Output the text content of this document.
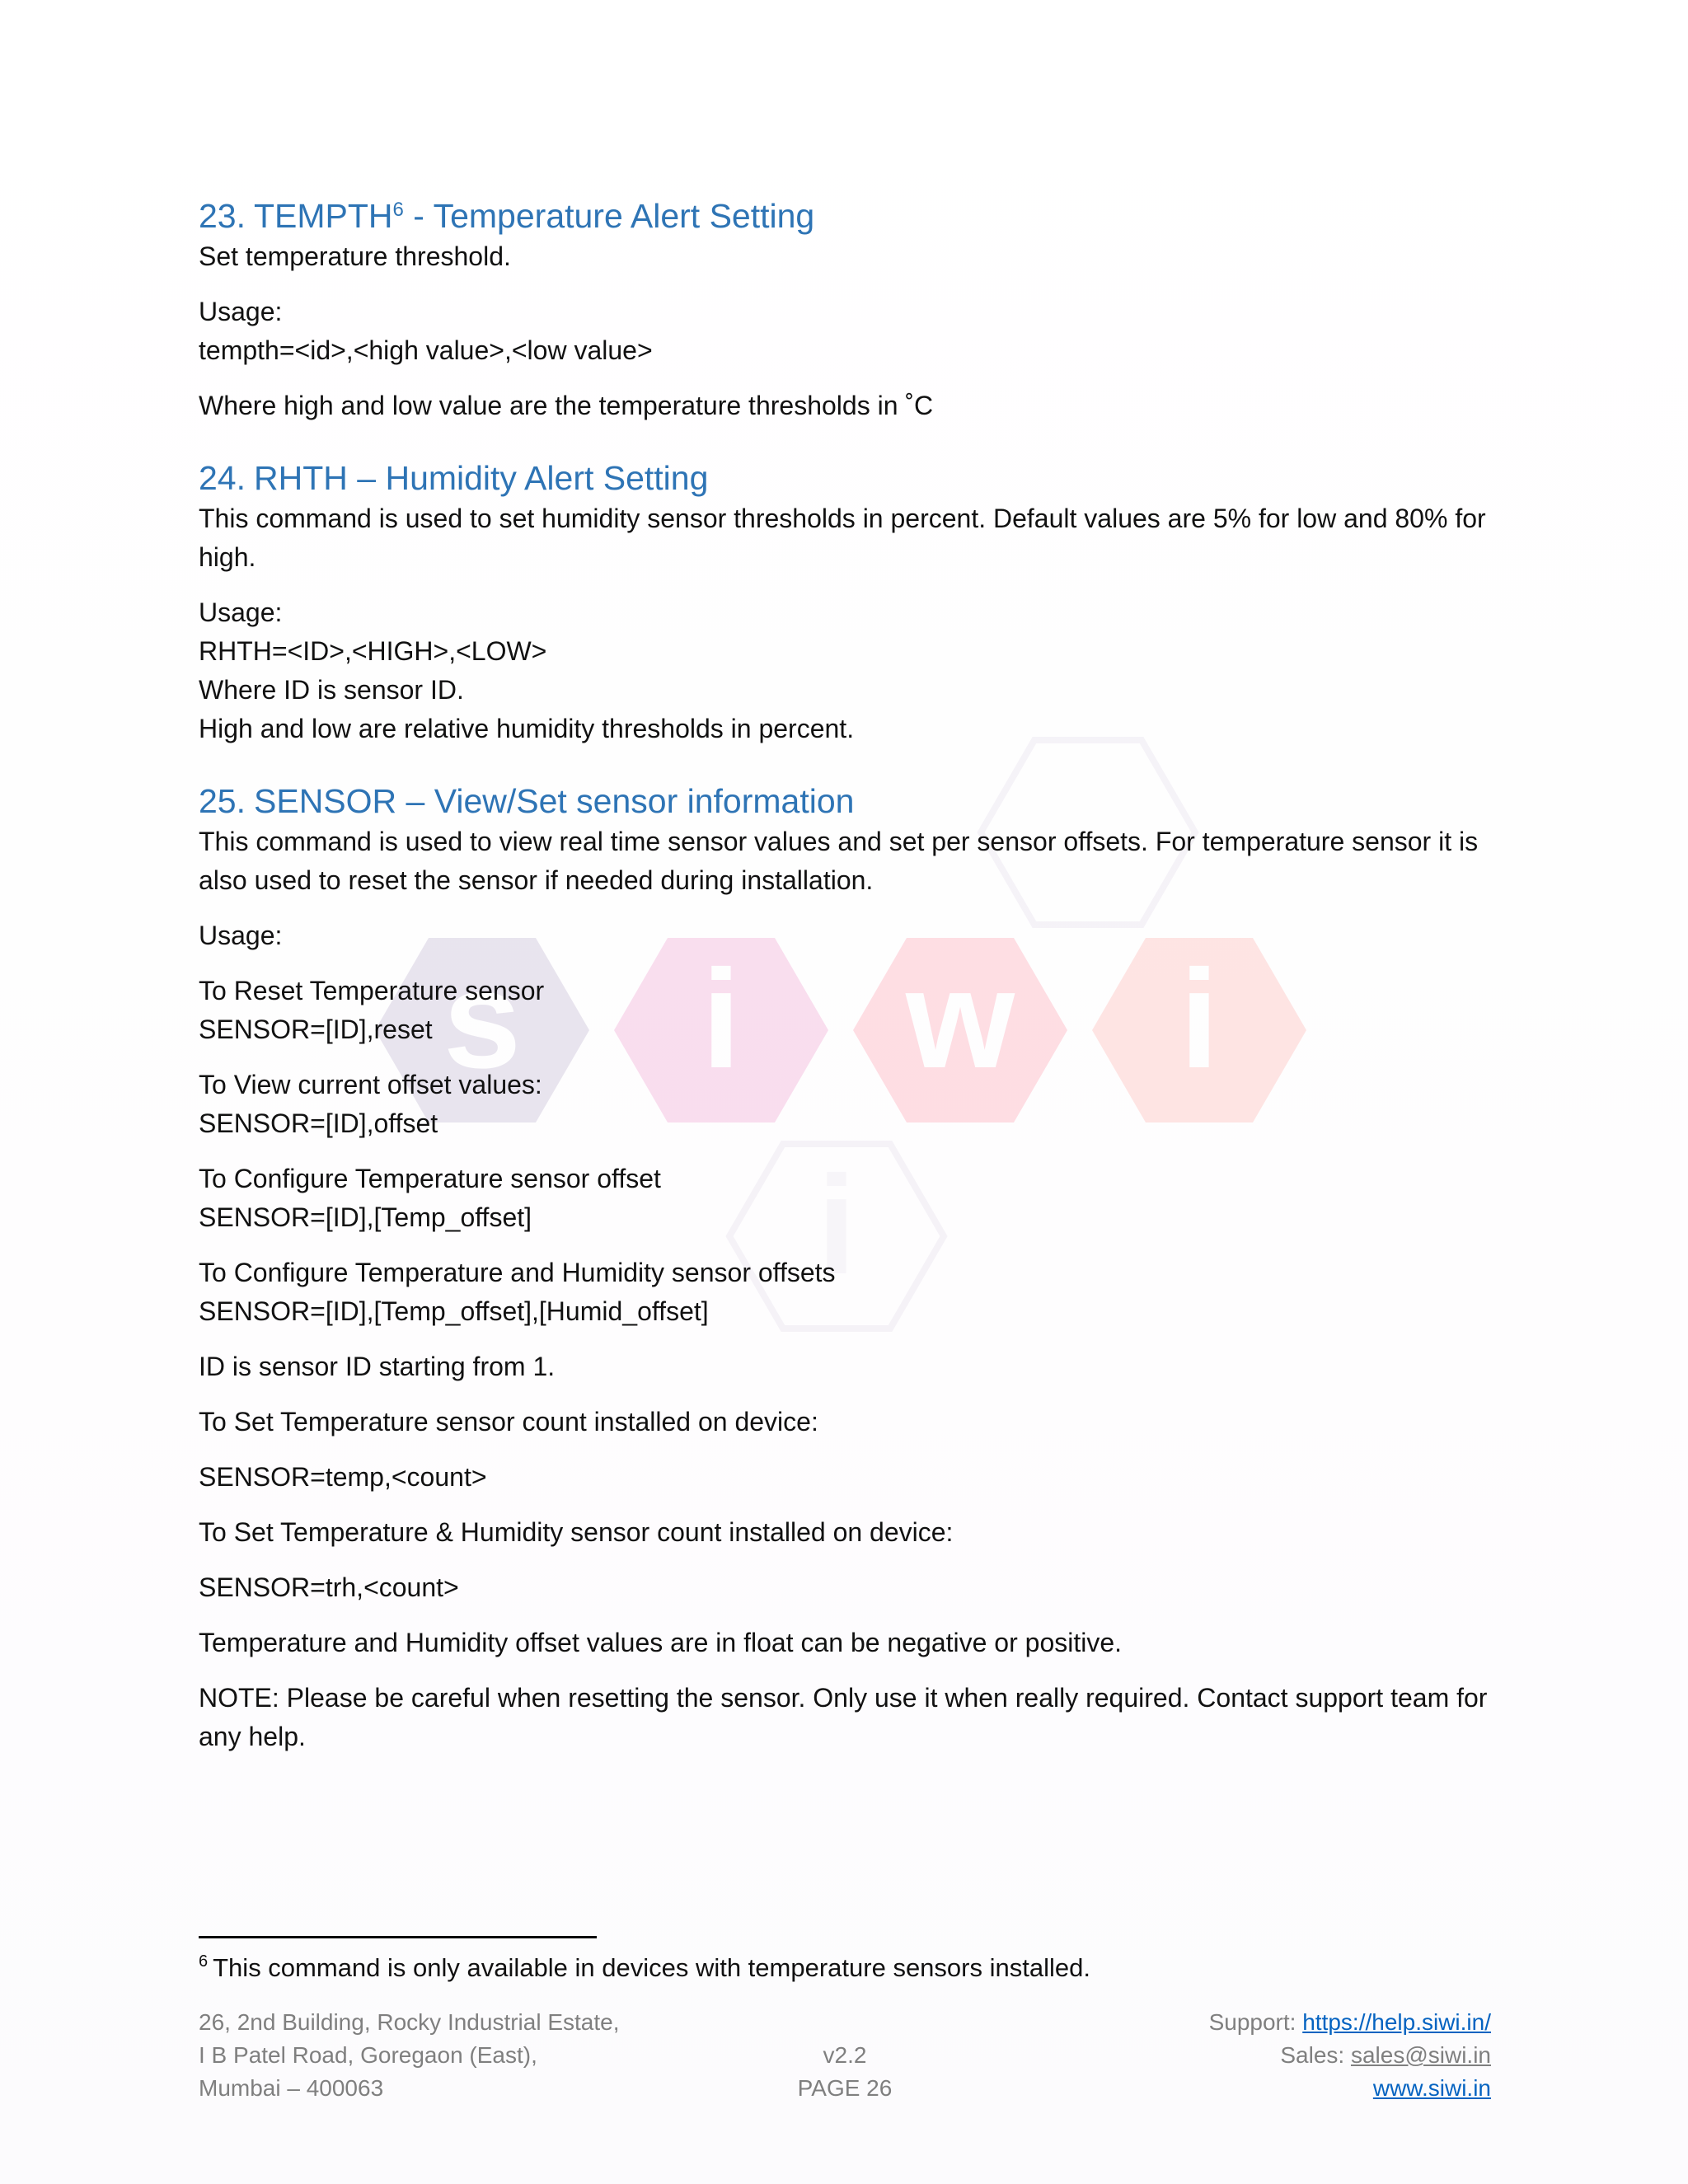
s i w i
i
23. TEMPTH$^6$ - Temperature Alert Setting

Set temperature threshold.

Usage:

tempth=<id>,<high value>,<low value>

Where high and low value are the temperature thresholds in ˚C

24. RHTH – Humidity Alert Setting

This command is used to set humidity sensor thresholds in percent. Default values are 5% for low and 80% for high.

Usage:

RHTH=<ID>,<HIGH>,<LOW>

Where ID is sensor ID.

High and low are relative humidity thresholds in percent.

25. SENSOR – View/Set sensor information

This command is used to view real time sensor values and set per sensor offsets. For temperature sensor it is also used to reset the sensor if needed during installation.

Usage:

To Reset Temperature sensor

SENSOR=[ID],reset

To View current offset values:

SENSOR=[ID],offset

To Configure Temperature sensor offset

SENSOR=[ID],[Temp_offset]

To Configure Temperature and Humidity sensor offsets

SENSOR=[ID],[Temp_offset],[Humid_offset]

ID is sensor ID starting from 1.

To Set Temperature sensor count installed on device:

SENSOR=temp,<count>

To Set Temperature & Humidity sensor count installed on device:

SENSOR=trh,<count>

Temperature and Humidity offset values are in float can be negative or positive.

NOTE: Please be careful when resetting the sensor. Only use it when really required. Contact support team for any help.

$^6$ This command is only available in devices with temperature sensors installed.
26, 2nd Building, Rocky Industrial Estate,
I B Patel Road, Goregaon (East),
Mumbai – 400063

v2.2
PAGE 26
Support: https://help.siwi.in/
Sales: sales@siwi.in
www.siwi.in
